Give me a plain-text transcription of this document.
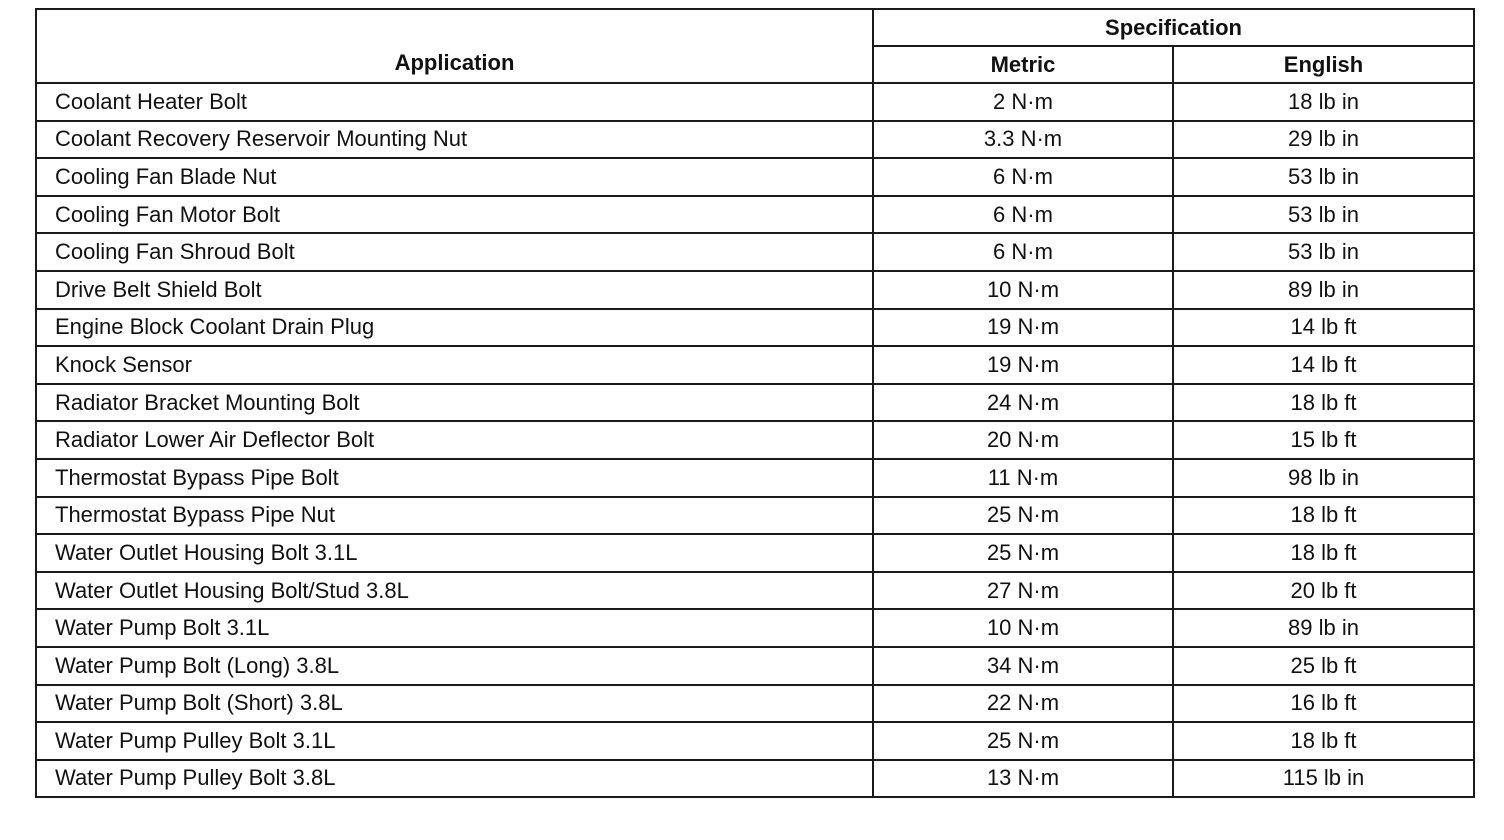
Application	Specification	
	Metric	English
Coolant Heater Bolt	2 N·m	18 lb in
Coolant Recovery Reservoir Mounting Nut	3.3 N·m	29 lb in
Cooling Fan Blade Nut	6 N·m	53 lb in
Cooling Fan Motor Bolt	6 N·m	53 lb in
Cooling Fan Shroud Bolt	6 N·m	53 lb in
Drive Belt Shield Bolt	10 N·m	89 lb in
Engine Block Coolant Drain Plug	19 N·m	14 lb ft
Knock Sensor	19 N·m	14 lb ft
Radiator Bracket Mounting Bolt	24 N·m	18 lb ft
Radiator Lower Air Deflector Bolt	20 N·m	15 lb ft
Thermostat Bypass Pipe Bolt	11 N·m	98 lb in
Thermostat Bypass Pipe Nut	25 N·m	18 lb ft
Water Outlet Housing Bolt 3.1L	25 N·m	18 lb ft
Water Outlet Housing Bolt/Stud 3.8L	27 N·m	20 lb ft
Water Pump Bolt 3.1L	10 N·m	89 lb in
Water Pump Bolt (Long) 3.8L	34 N·m	25 lb ft
Water Pump Bolt (Short) 3.8L	22 N·m	16 lb ft
Water Pump Pulley Bolt 3.1L	25 N·m	18 lb ft
Water Pump Pulley Bolt 3.8L	13 N·m	115 lb in
